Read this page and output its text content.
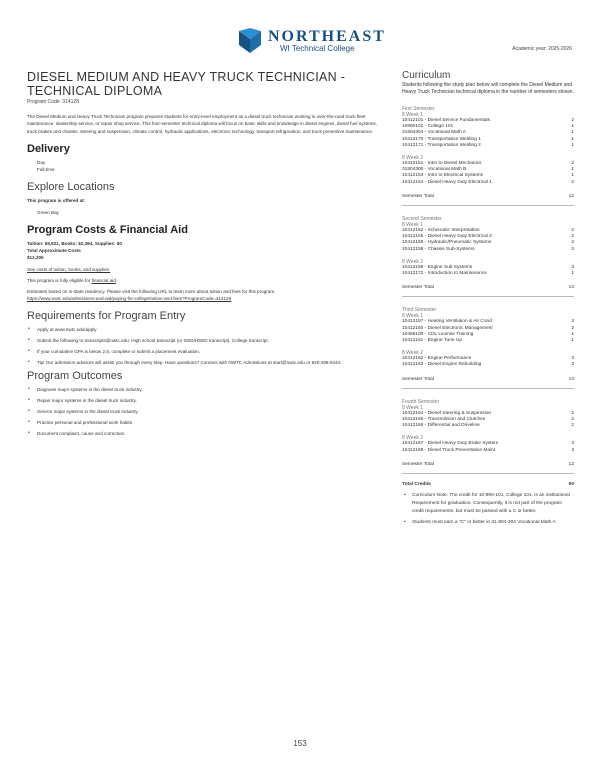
NORTHEAST
WI Technical College	Academic year: 2025-2026
DIESEL MEDIUM AND HEAVY TRUCK TECHNICIAN - TECHNICAL DIPLOMA
Program Code: 314128

The Diesel Medium and Heavy Truck Technician program prepares students for entry-level employment as a diesel truck technician working in over-the-road truck fleet maintenance, dealership service, or repair shop service. This four-semester technical diploma will focus on basic skills and knowledge in diesel engines, diesel fuel systems, truck brakes and chassis, steering and suspension, climate control, hydraulic applications, electronic technology, transport refrigeration, and truck preventive maintenance.

Delivery
Day
Full-time
Explore Locations
This program is offered at:
Green Bay
Program Costs & Financial Aid
Tuition: $9,821, Books: $2,384, Supplies: $0
Total Approximate Costs
$12,205
See costs of tuition, books, and supplies.
This program is fully eligible for financial aid.
Estimates based on in-state residency. Please visit the following URL to learn more about tuition and fees for this program.
https://www.nwtc.edu/admissions-and-aid/paying-for-college/tuition-and-fees?ProgramCode=314128
Requirements for Program Entry
• Apply at www.nwtc.edu/apply
• Submit the following to transcripts@nwtc.edu: High school transcript (or GED/HSED transcript). College transcript.
• If your cumulative GPA is below 2.6, complete or submit a placement evaluation.
• Tip! Our admission advisors will assist you through every step. Have questions? Connect with NWTC Admissions at start@nwtc.edu or 920-498-5444.
Program Outcomes
• Diagnose major systems in the diesel truck industry.
• Repair major systems in the diesel truck industry.
• Service major systems in the diesel truck industry.
• Practice personal and professional work habits.
• Document complaint, cause and correction.
Curriculum
Students following the study plan below will complete the Diesel Medium and Heavy Truck Technician technical diploma in the number of semesters shown.
First Semester
8 Week 1
10412101 - Diesel Service Fundamentals	2
10890101 - College 101	1
31804304 - Vocational Math A	1
10412170 - Transportation Welding 1	1
10412171 - Transportation Welding 2	1
8 Week 2
10412151 - Intro to Diesel Mechanics	2
31804305 - Vocational Math B	1
10412153 - Intro to Electrical Systems	1
10412154 - Diesel Heavy Duty Electrical 1	2
Semester Total	12
Second Semester
8 Week 1
10412152 - Schematic Interpretation	2
10412155 - Diesel Heavy Duty Electrical 2	2
10412156 - Hydraulic/Pneumatic Systems	2
10412158 - Chassis Sub-Systems	3
8 Week 2
10412159 - Engine Sub Systems	3
10412172 - Introduction to Maintenance	1
Semester Total	13
Third Semester
8 Week 1
10412157 - Heating Ventilation & Air Cond	3
10412160 - Diesel Electronic Management	2
10458100 - CDL License Training	1
10412161 - Engine Tune Up	1
8 Week 2
10412162 - Engine Performance	3
10412163 - Diesel Engine Rebuilding	3
Semester Total	13
Fourth Semester
8 Week 1
10412164 - Diesel Steering & Suspension	2
10412165 - Transmission and Clutches	2
10412166 - Differential and Driveline	2
8 Week 2
10412167 - Diesel Heavy Duty Brake System	3
10412168 - Diesel Truck Preventative Maint	3
Semester Total	12
Total Credits	50
• Curriculum Note: The credit for 10-890-101, College 101, is an institutional Requirement for graduation. Consequently, it is not part of the program credit requirements, but must be passed with a C or better.
• Students must earn a "C" or better in 31-804-304 Vocational Math A
153
